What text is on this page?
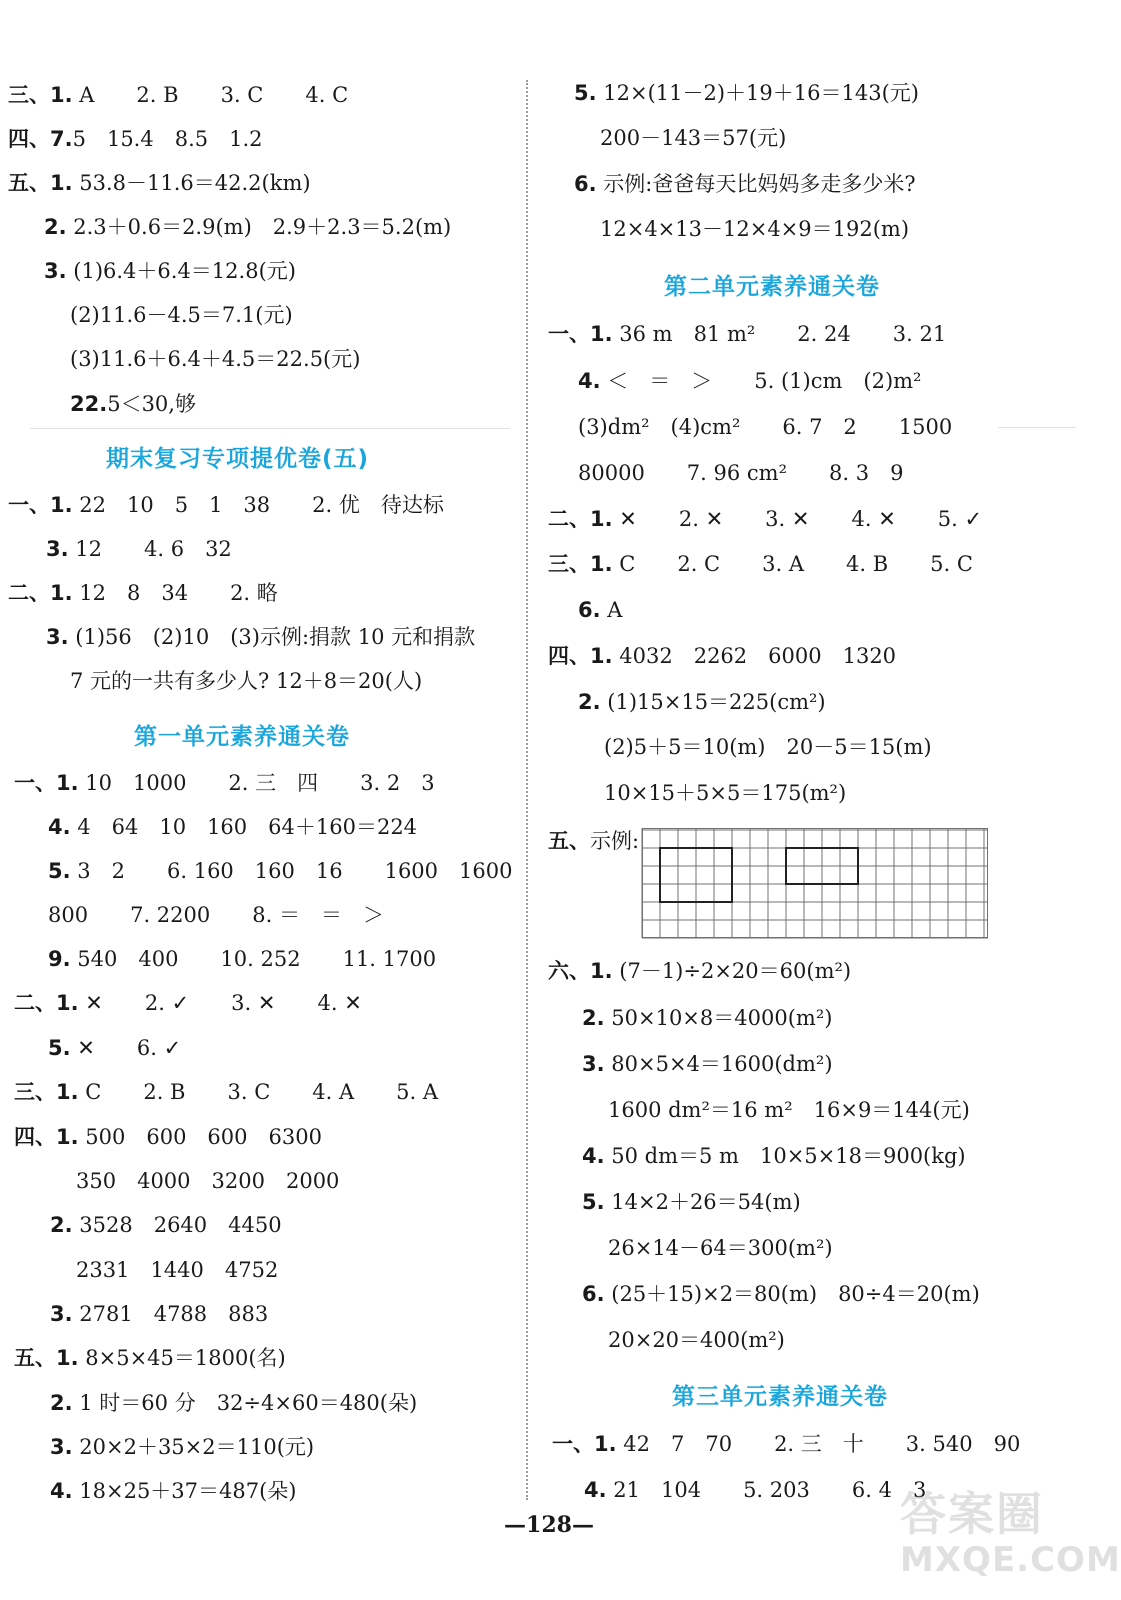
三、1. A　　2. B　　3. C　　4. C
四、7.5　15.4　8.5　1.2
五、1. 53.8－11.6＝42.2(km)
2. 2.3＋0.6＝2.9(m)　2.9＋2.3＝5.2(m)
3. (1)6.4＋6.4＝12.8(元)
(2)11.6－4.5＝7.1(元)
(3)11.6＋6.4＋4.5＝22.5(元)
22.5＜30,够
期末复习专项提优卷(五)
一、1. 22　10　5　1　38　　2. 优　待达标
3. 12　　4. 6　32
二、1. 12　8　34　　2. 略
3. (1)56　(2)10　(3)示例:捐款 10 元和捐款
7 元的一共有多少人? 12＋8＝20(人)
第一单元素养通关卷
一、1. 10　1000　　2. 三　四　　3. 2　3
4. 4　64　10　160　64＋160＝224
5. 3　2　　6. 160　160　16　　1600　1600
800　　7. 2200　　8. ＝　＝　＞
9. 540　400　　10. 252　　11. 1700
二、1. ✕　　2. ✓　　3. ✕　　4. ✕
5. ✕　　6. ✓
三、1. C　　2. B　　3. C　　4. A　　5. A
四、1. 500　600　600　6300
350　4000　3200　2000
2. 3528　2640　4450
2331　1440　4752
3. 2781　4788　883
五、1. 8×5×45＝1800(名)
2. 1 时＝60 分　32÷4×60＝480(朵)
3. 20×2＋35×2＝110(元)
4. 18×25＋37＝487(朵)
5. 12×(11－2)＋19＋16＝143(元)
200－143＝57(元)
6. 示例:爸爸每天比妈妈多走多少米?
12×4×13－12×4×9＝192(m)
第二单元素养通关卷
一、1. 36 m　81 m²　　2. 24　　3. 21
4. ＜　＝　＞　　5. (1)cm　(2)m²
(3)dm²　(4)cm²　　6. 7　2　　1500
80000　　7. 96 cm²　　8. 3　9
二、1. ✕　　2. ✕　　3. ✕　　4. ✕　　5. ✓
三、1. C　　2. C　　3. A　　4. B　　5. C
6. A
四、1. 4032　2262　6000　1320
2. (1)15×15＝225(cm²)
(2)5＋5＝10(m)　20－5＝15(m)
10×15＋5×5＝175(m²)
五、示例:
六、1. (7－1)÷2×20＝60(m²)
2. 50×10×8＝4000(m²)
3. 80×5×4＝1600(dm²)
1600 dm²＝16 m²　16×9＝144(元)
4. 50 dm＝5 m　10×5×18＝900(kg)
5. 14×2＋26＝54(m)
26×14－64＝300(m²)
6. (25＋15)×2＝80(m)　80÷4＝20(m)
20×20＝400(m²)
第三单元素养通关卷
一、1. 42　7　70　　2. 三　十　　3. 540　90
4. 21　104　　5. 203　　6. 4　3
—128—	答案圈
MXQE.COM
